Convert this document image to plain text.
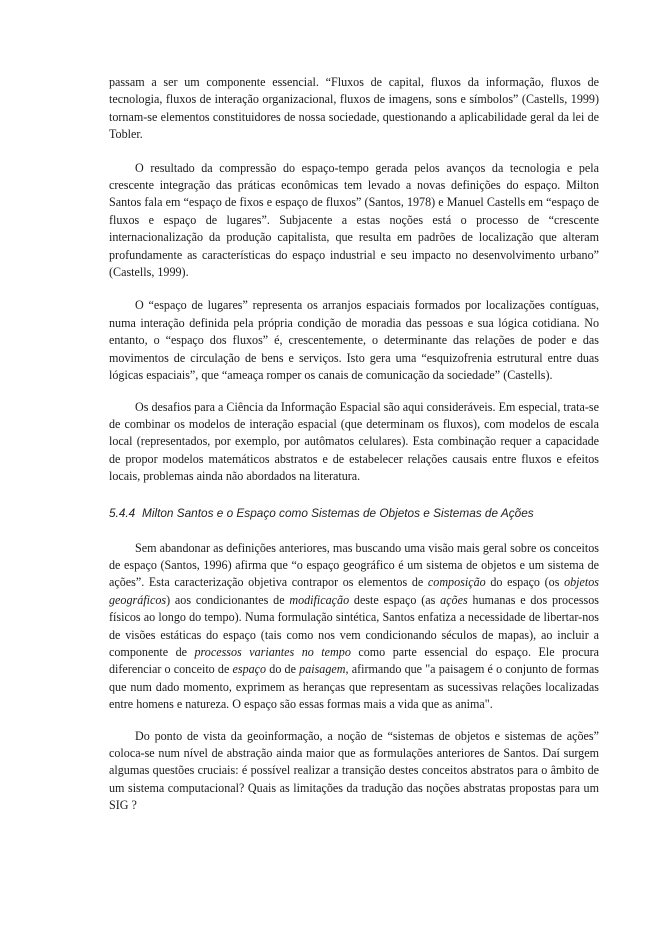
passam a ser um componente essencial. “Fluxos de capital, fluxos da informação, fluxos de tecnologia, fluxos de interação organizacional, fluxos de imagens, sons e símbolos” (Castells, 1999) tornam-se elementos constituidores de nossa sociedade, questionando a aplicabilidade geral da lei de Tobler.

O resultado da compressão do espaço-tempo gerada pelos avanços da tecnologia e pela crescente integração das práticas econômicas tem levado a novas definições do espaço. Milton Santos fala em “espaço de fixos e espaço de fluxos” (Santos, 1978) e Manuel Castells em “espaço de fluxos e espaço de lugares”. Subjacente a estas noções está o processo de “crescente internacionalização da produção capitalista, que resulta em padrões de localização que alteram profundamente as características do espaço industrial e seu impacto no desenvolvimento urbano” (Castells, 1999).

O “espaço de lugares” representa os arranjos espaciais formados por localizações contíguas, numa interação definida pela própria condição de moradia das pessoas e sua lógica cotidiana. No entanto, o “espaço dos fluxos” é, crescentemente, o determinante das relações de poder e das movimentos de circulação de bens e serviços. Isto gera uma “esquizofrenia estrutural entre duas lógicas espaciais”, que “ameaça romper os canais de comunicação da sociedade” (Castells).

Os desafios para a Ciência da Informação Espacial são aqui consideráveis. Em especial, trata-se de combinar os modelos de interação espacial (que determinam os fluxos), com modelos de escala local (representados, por exemplo, por autômatos celulares). Esta combinação requer a capacidade de propor modelos matemáticos abstratos e de estabelecer relações causais entre fluxos e efeitos locais, problemas ainda não abordados na literatura.

5.4.4 Milton Santos e o Espaço como Sistemas de Objetos e Sistemas de Ações

Sem abandonar as definições anteriores, mas buscando uma visão mais geral sobre os conceitos de espaço (Santos, 1996) afirma que “o espaço geográfico é um sistema de objetos e um sistema de ações”. Esta caracterização objetiva contrapor os elementos de composição do espaço (os objetos geográficos) aos condicionantes de modificação deste espaço (as ações humanas e dos processos físicos ao longo do tempo). Numa formulação sintética, Santos enfatiza a necessidade de libertar-nos de visões estáticas do espaço (tais como nos vem condicionando séculos de mapas), ao incluir a componente de processos variantes no tempo como parte essencial do espaço. Ele procura diferenciar o conceito de espaço do de paisagem, afirmando que "a paisagem é o conjunto de formas que num dado momento, exprimem as heranças que representam as sucessivas relações localizadas entre homens e natureza. O espaço são essas formas mais a vida que as anima".

Do ponto de vista da geoinformação, a noção de “sistemas de objetos e sistemas de ações” coloca-se num nível de abstração ainda maior que as formulações anteriores de Santos. Daí surgem algumas questões cruciais: é possível realizar a transição destes conceitos abstratos para o âmbito de um sistema computacional? Quais as limitações da tradução das noções abstratas propostas para um SIG ?
